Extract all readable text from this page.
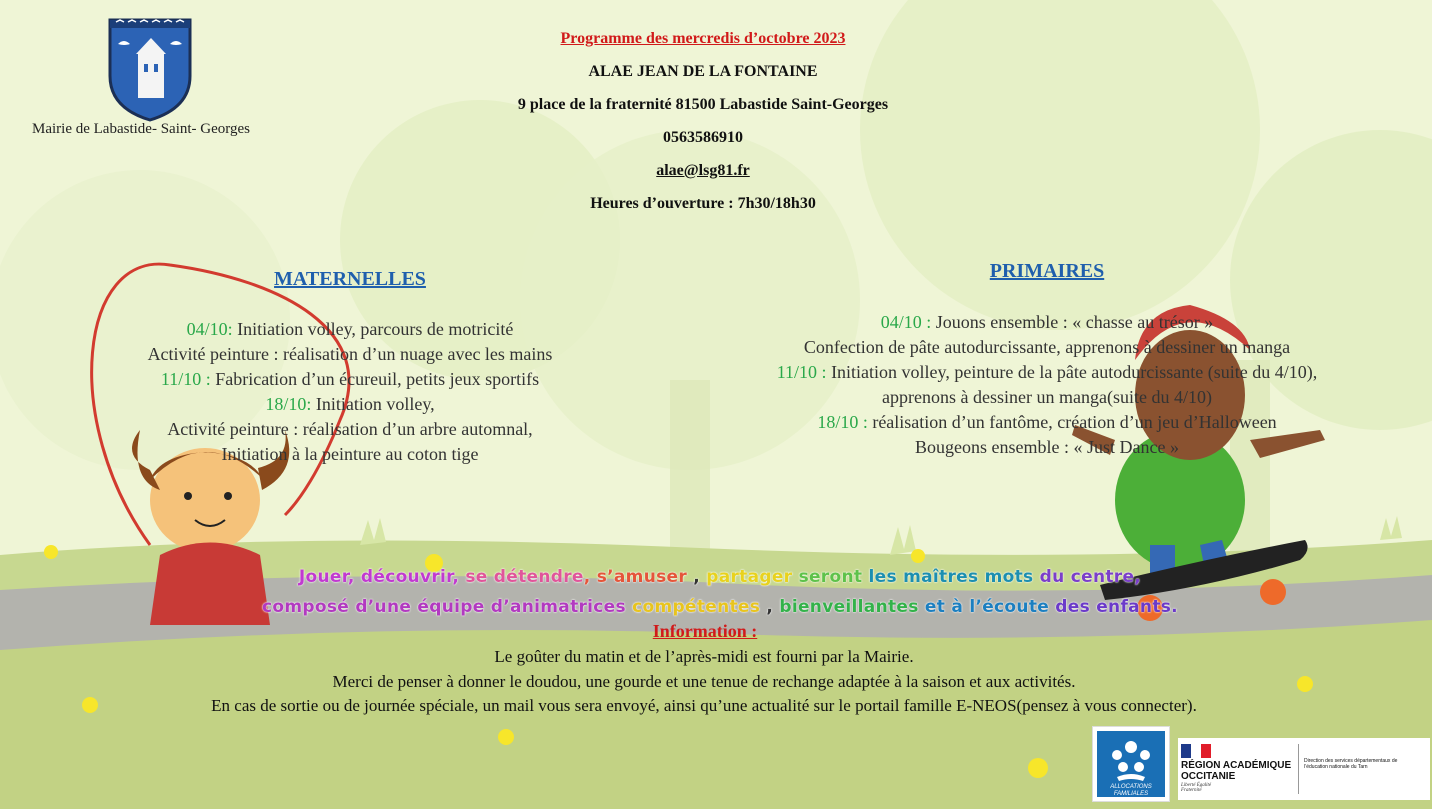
Mairie de Labastide- Saint- Georges
Programme des mercredis d’octobre 2023
ALAE JEAN DE LA FONTAINE
9 place de la fraternité 81500 Labastide Saint-Georges
0563586910
alae@lsg81.fr
Heures d’ouverture : 7h30/18h30
MATERNELLES
04/10: Initiation volley, parcours de motricité
Activité peinture : réalisation d’un nuage avec les mains
11/10 : Fabrication d’un écureuil, petits jeux sportifs
18/10: Initiation volley,
Activité peinture : réalisation d’un arbre automnal,
Initiation à la peinture au coton tige
PRIMAIRES
04/10 : Jouons ensemble : « chasse au trésor »
Confection de pâte autodurcissante, apprenons à dessiner un manga
11/10 : Initiation volley, peinture de la pâte autodurcissante (suite du 4/10),
apprenons à dessiner un manga(suite du 4/10)
18/10 : réalisation d’un fantôme, création d’un jeu d’Halloween
Bougeons ensemble : « Just Dance »
Jouer, découvrir, se détendre, s’amuser , partager seront les maîtres mots du centre,
composé d’une équipe d’animatrices compétentes , bienveillantes et à l’écoute des enfants.
Information :
Le goûter du matin et de l’après-midi est fourni par la Mairie.
Merci de penser à donner le doudou, une gourde et une tenue de rechange adaptée à la saison et aux activités.
En cas de sortie ou de journée spéciale, un mail vous sera envoyé, ainsi qu’une actualité sur le portail famille E-NEOS(pensez à vous connecter).
ALLOCATIONS FAMILIALES
RÉGION ACADÉMIQUE
OCCITANIE
Liberté Égalité Fraternité
Direction des services départementaux de l’éducation nationale du Tarn
